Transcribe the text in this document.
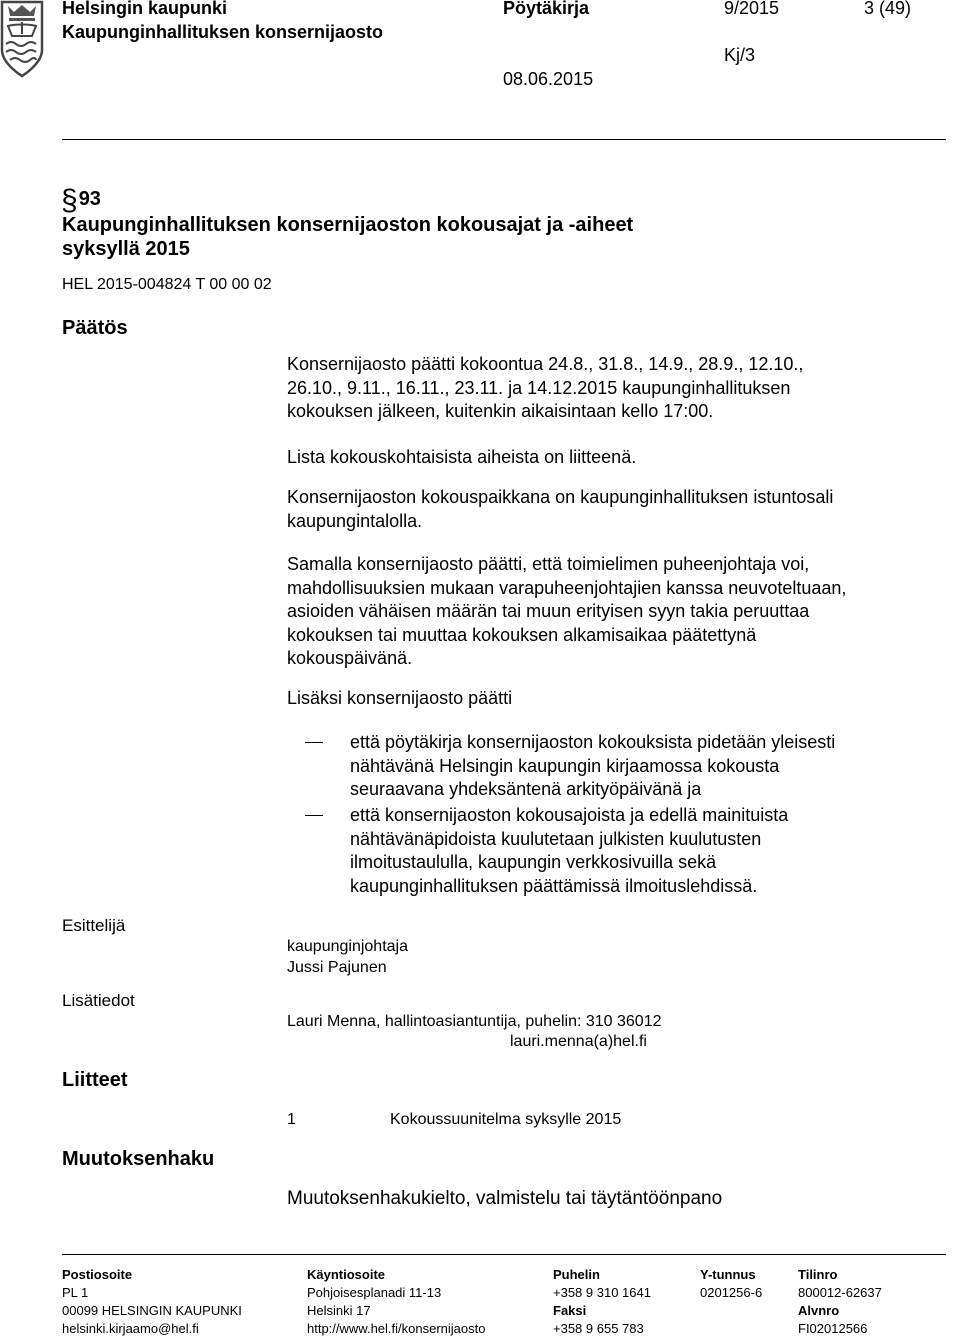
Helsingin kaupunki
Kaupunginhallituksen konsernijaosto
Pöytäkirja	9/2015	3 (49)
Kj/3
08.06.2015
§ 93
Kaupunginhallituksen konsernijaoston kokousajat ja -aiheet
syksyllä 2015
HEL 2015-004824 T 00 00 02
Päätös
Konsernijaosto päätti kokoontua 24.8., 31.8., 14.9., 28.9., 12.10.,
26.10., 9.11., 16.11., 23.11. ja 14.12.2015 kaupunginhallituksen
kokouksen jälkeen, kuitenkin aikaisintaan kello 17:00.
Lista kokouskohtaisista aiheista on liitteenä.
Konsernijaoston kokouspaikkana on kaupunginhallituksen istuntosali
kaupungintalolla.
Samalla konsernijaosto päätti, että toimielimen puheenjohtaja voi,
mahdollisuuksien mukaan varapuheenjohtajien kanssa neuvoteltuaan,
asioiden vähäisen määrän tai muun erityisen syyn takia peruuttaa
kokouksen tai muuttaa kokouksen alkamisaikaa päätettynä
kokouspäivänä.
Lisäksi konsernijaosto päätti
että pöytäkirja konsernijaoston kokouksista pidetään yleisesti
nähtävänä Helsingin kaupungin kirjaamossa kokousta
seuraavana yhdeksäntenä arkityöpäivänä ja
että konsernijaoston kokousajoista ja edellä mainituista
nähtävänäpidoista kuulutetaan julkisten kuulutusten
ilmoitustaululla, kaupungin verkkosivuilla sekä
kaupunginhallituksen päättämissä ilmoituslehdissä.
Esittelijä
kaupunginjohtaja
Jussi Pajunen
Lisätiedot
Lauri Menna, hallintoasiantuntija, puhelin: 310 36012
lauri.menna(a)hel.fi
Liitteet
1	Kokoussuunitelma syksylle 2015
Muutoksenhaku
Muutoksenhakukielto, valmistelu tai täytäntöönpano
Postiosoite
PL 1
00099 HELSINGIN KAUPUNKI
helsinki.kirjaamo@hel.fi
Käyntiosoite
Pohjoisesplanadi 11-13
Helsinki 17
http://www.hel.fi/konsernijaosto
Puhelin
+358 9 310 1641
Faksi
+358 9 655 783
Y-tunnus
0201256-6
Tilinro
800012-62637
Alvnro
FI02012566
